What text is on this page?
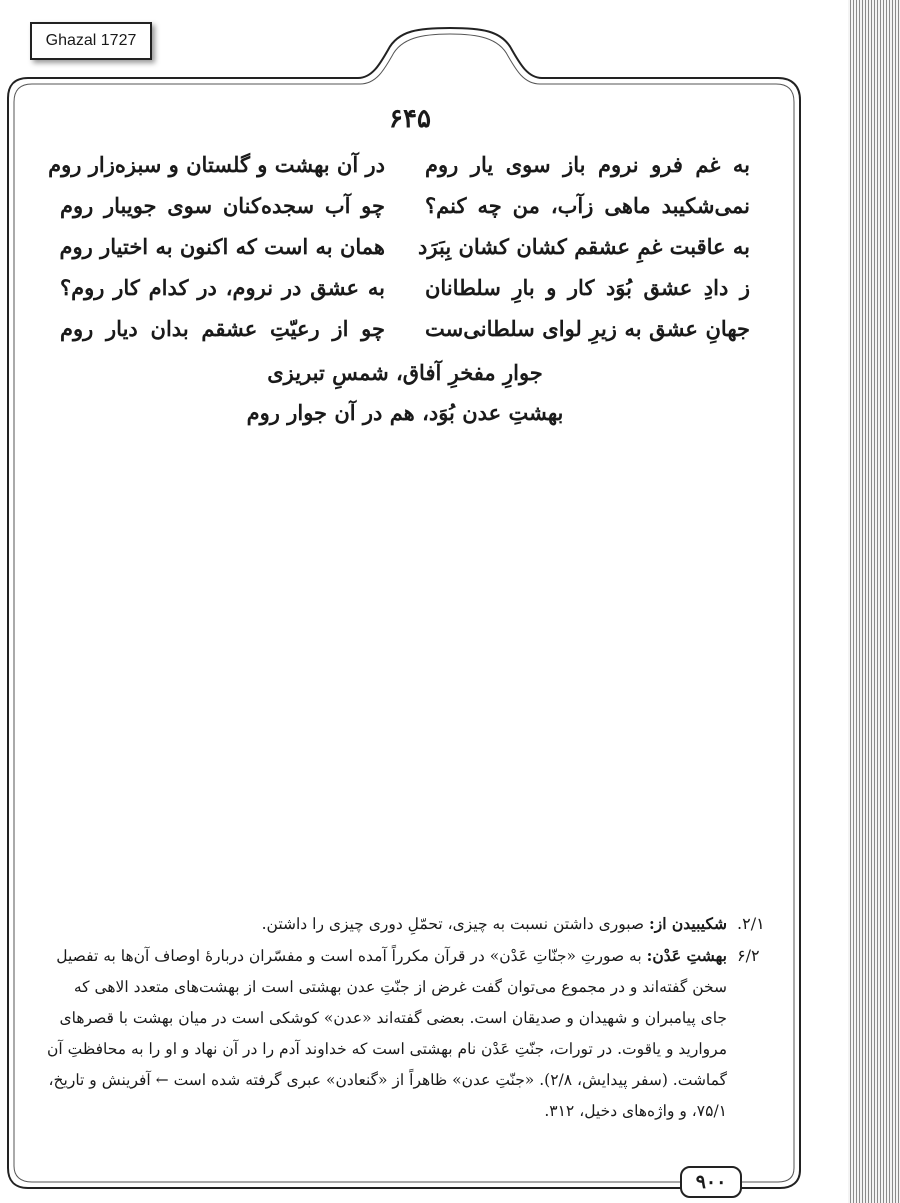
Ghazal 1727
۶۴۵
به غم فرو نروم باز سوی یار روم
در آن بهشت و گلستان و سبزه‌زار روم
نمی‌شکیبد ماهی زآب، من چه کنم؟
چو آب سجده‌کنان سوی جویبار روم
به عاقبت غمِ عشقم کشان کشان بِبَرَد
همان به است که اکنون به اختیار روم
ز دادِ عشق بُوَد کار و بارِ سلطانان
به عشق در نروم، در کدام کار روم؟
جهانِ عشق به زیرِ لوای سلطانی‌ست
چو از رعیّتِ عشقم بدان دیار روم
جوارِ مفخرِ آفاق، شمسِ تبریزی
بهشتِ عدن بُوَد، هم در آن جوار روم
۲/۱.
شکیبیدن از: صبوری داشتن نسبت به چیزی، تحمّلِ دوری چیزی را داشتن.
۶/۲
بهشتِ عَدْن: به صورتِ «جنّاتِ عَدْن» در قرآن مکرراً آمده است و مفسّران دربارهٔ اوصاف آن‌ها به تفصیل سخن گفته‌اند و در مجموع می‌توان گفت غرض از جنّتِ عدن بهشتی است از بهشت‌های متعدد الاهی که جای پیامبران و شهیدان و صدیقان است. بعضی گفته‌اند «عدن» کوشکی است در میان بهشت با قصرهای مروارید و یاقوت. در تورات، جنّتِ عَدْن نام بهشتی است که خداوند آدم را در آن نهاد و او را به محافظتِ آن گماشت. (سفر پیدایش، ۲/۸). «جنّتِ عدن» ظاهراً از «گنعادن» عبری گرفته شده است ← آفرینش و تاریخ، ۷۵/۱، و واژه‌های دخیل، ۳۱۲.
۹۰۰
